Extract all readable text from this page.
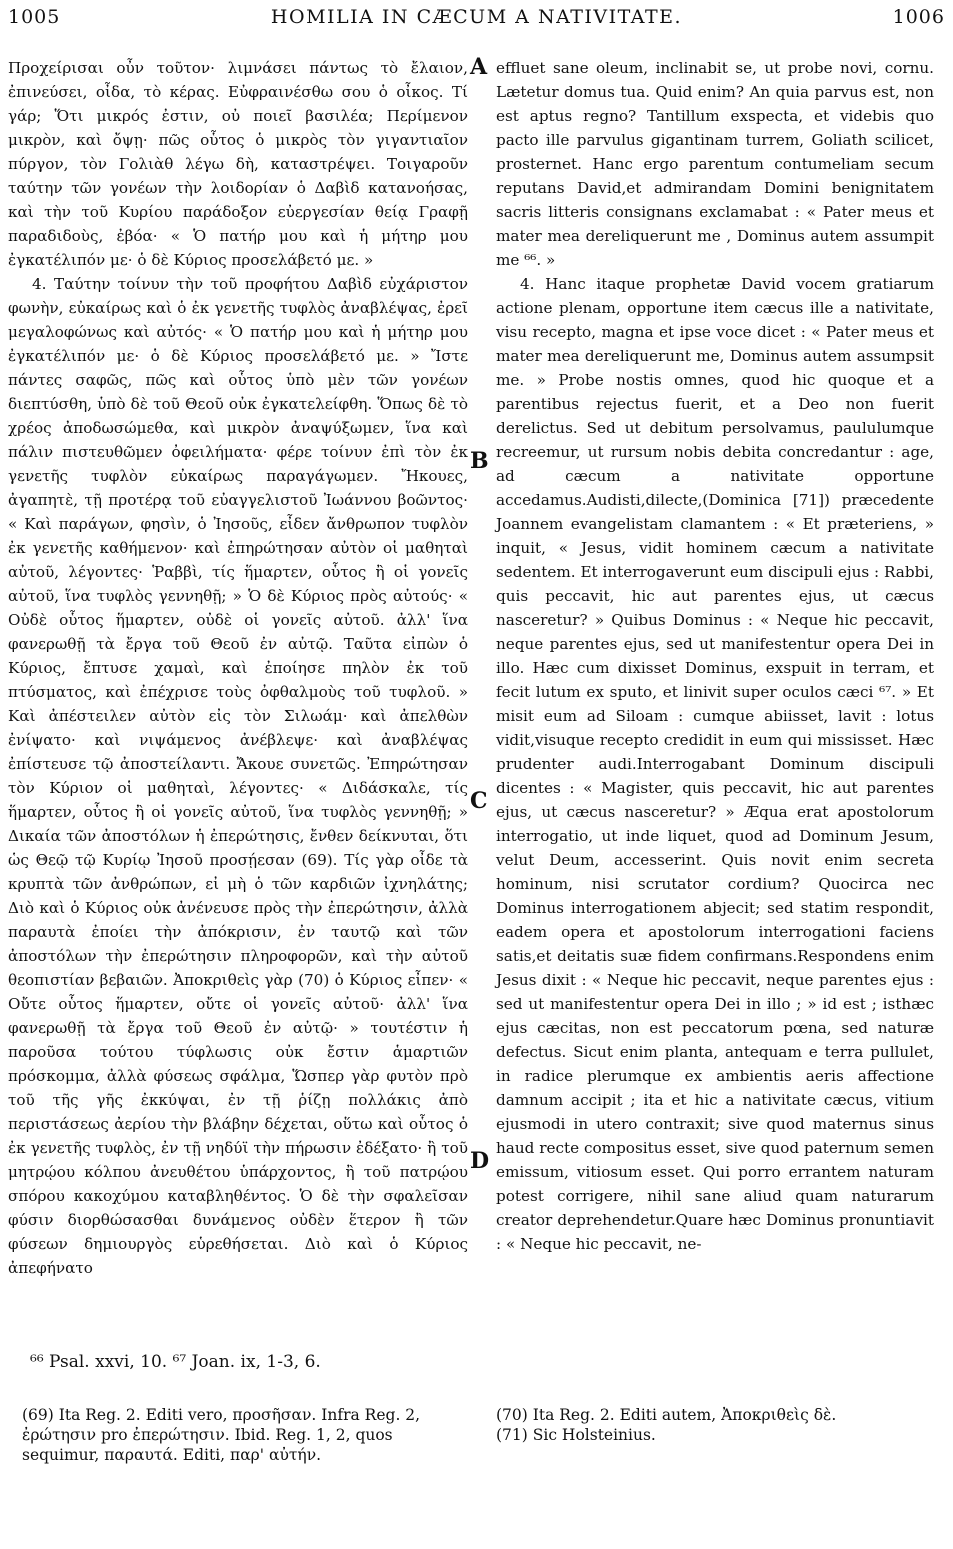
1005	HOMILIA IN CÆCUM A NATIVITATE.	1006

Προχείρισαι οὖν τοῦτον· λιμνάσει πάντως τὸ ἔλαιον, ἐπινεύσει, οἶδα, τὸ κέρας. Εὐφραινέσθω σου ὁ οἶκος. Τί γάρ; Ὅτι μικρός ἐστιν, οὐ ποιεῖ βασιλέα; Περίμενον μικρὸν, καὶ ὄψῃ· πῶς οὗτος ὁ μικρὸς τὸν γιγαντιαῖον πύργον, τὸν Γολιὰθ λέγω δὴ, καταστρέψει. Τοιγαροῦν ταύτην τῶν γονέων τὴν λοιδορίαν ὁ Δαβὶδ κατανοήσας, καὶ τὴν τοῦ Κυρίου παράδοξον εὐεργεσίαν θείᾳ Γραφῇ παραδιδοὺς, ἐβόα· « Ὁ πατήρ μου καὶ ἡ μήτηρ μου ἐγκατέλιπόν με· ὁ δὲ Κύριος προσελάβετό με. »

4. Ταύτην τοίνυν τὴν τοῦ προφήτου Δαβὶδ εὐχάριστον φωνὴν, εὐκαίρως καὶ ὁ ἐκ γενετῆς τυφλὸς ἀναβλέψας, ἐρεῖ μεγαλοφώνως καὶ αὐτός· « Ὁ πατήρ μου καὶ ἡ μήτηρ μου ἐγκατέλιπόν με· ὁ δὲ Κύριος προσελάβετό με. » Ἴστε πάντες σαφῶς, πῶς καὶ οὗτος ὑπὸ μὲν τῶν γονέων διεπτύσθη, ὑπὸ δὲ τοῦ Θεοῦ οὐκ ἐγκατελείφθη. Ὅπως δὲ τὸ χρέος ἀποδωσώμεθα, καὶ μικρὸν ἀναψύξωμεν, ἵνα καὶ πάλιν πιστευθῶμεν ὀφειλήματα· φέρε τοίνυν ἐπὶ τὸν ἐκ γενετῆς τυφλὸν εὐκαίρως παραγάγωμεν. Ἤκουες, ἀγαπητὲ, τῇ προτέρᾳ τοῦ εὐαγγελιστοῦ Ἰωάννου βοῶντος· « Καὶ παράγων, φησὶν, ὁ Ἰησοῦς, εἶδεν ἄνθρωπον τυφλὸν ἐκ γενετῆς καθήμενον· καὶ ἐπηρώτησαν αὐτὸν οἱ μαθηταὶ αὐτοῦ, λέγοντες· Ῥαββὶ, τίς ἥμαρτεν, οὗτος ἢ οἱ γονεῖς αὐτοῦ, ἵνα τυφλὸς γεννηθῇ; » Ὁ δὲ Κύριος πρὸς αὐτούς· « Οὐδὲ οὗτος ἥμαρτεν, οὐδὲ οἱ γονεῖς αὐτοῦ. ἀλλ' ἵνα φανερωθῇ τὰ ἔργα τοῦ Θεοῦ ἐν αὐτῷ. Ταῦτα εἰπὼν ὁ Κύριος, ἔπτυσε χαμαὶ, καὶ ἐποίησε πηλὸν ἐκ τοῦ πτύσματος, καὶ ἐπέχρισε τοὺς ὀφθαλμοὺς τοῦ τυφλοῦ. » Καὶ ἀπέστειλεν αὐτὸν εἰς τὸν Σιλωάμ· καὶ ἀπελθὼν ἐνίψατο· καὶ νιψάμενος ἀνέβλεψε· καὶ ἀναβλέψας ἐπίστευσε τῷ ἀποστείλαντι. Ἄκουε συνετῶς. Ἐπηρώτησαν τὸν Κύριον οἱ μαθηταὶ, λέγοντες· « Διδάσκαλε, τίς ἥμαρτεν, οὗτος ἢ οἱ γονεῖς αὐτοῦ, ἵνα τυφλὸς γεννηθῇ; » Δικαία τῶν ἀποστόλων ἡ ἐπερώτησις, ἔνθεν δείκνυται, ὅτι ὡς Θεῷ τῷ Κυρίῳ Ἰησοῦ προσῄεσαν (69). Τίς γὰρ οἶδε τὰ κρυπτὰ τῶν ἀνθρώπων, εἰ μὴ ὁ τῶν καρδιῶν ἰχνηλάτης; Διὸ καὶ ὁ Κύριος οὐκ ἀνένευσε πρὸς τὴν ἐπερώτησιν, ἀλλὰ παραυτὰ ἐποίει τὴν ἀπόκρισιν, ἐν ταυτῷ καὶ τῶν ἀποστόλων τὴν ἐπερώτησιν πληροφορῶν, καὶ τὴν αὐτοῦ θεοπιστίαν βεβαιῶν. Ἀποκριθεὶς γὰρ (70) ὁ Κύριος εἶπεν· « Οὔτε οὗτος ἥμαρτεν, οὔτε οἱ γονεῖς αὐτοῦ· ἀλλ' ἵνα φανερωθῇ τὰ ἔργα τοῦ Θεοῦ ἐν αὐτῷ· » τουτέστιν ἡ παροῦσα τούτου τύφλωσις οὐκ ἔστιν ἁμαρτιῶν πρόσκομμα, ἀλλὰ φύσεως σφάλμα, Ὥσπερ γὰρ φυτὸν πρὸ τοῦ τῆς γῆς ἐκκύψαι, ἐν τῇ ῥίζῃ πολλάκις ἀπὸ περιστάσεως ἀερίου τὴν βλάβην δέχεται, οὕτω καὶ οὗτος ὁ ἐκ γενετῆς τυφλὸς, ἐν τῇ νηδύϊ τὴν πήρωσιν ἐδέξατο· ἢ τοῦ μητρῴου κόλπου ἀνευθέτου ὑπάρχοντος, ἢ τοῦ πατρῴου σπόρου κακοχύμου καταβληθέντος. Ὁ δὲ τὴν σφαλεῖσαν φύσιν διορθώσασθαι δυνάμενος οὐδὲν ἕτερον ἢ τῶν φύσεων δημιουργὸς εὑρεθήσεται. Διὸ καὶ ὁ Κύριος ἀπεφήνατο

effluet sane oleum, inclinabit se, ut probe novi, cornu. Lætetur domus tua. Quid enim? An quia parvus est, non est aptus regno? Tantillum exspecta, et videbis quo pacto ille parvulus gigantinam turrem, Goliath scilicet, prosternet. Hanc ergo parentum contumeliam secum reputans David,et admirandam Domini benignitatem sacris litteris consignans exclamabat : « Pater meus et mater mea dereliquerunt me , Dominus autem assumpit me ⁶⁶. »

4. Hanc itaque prophetæ David vocem gratiarum actione plenam, opportune item cæcus ille a nativitate, visu recepto, magna et ipse voce dicet : « Pater meus et mater mea dereliquerunt me, Dominus autem assumpsit me. » Probe nostis omnes, quod hic quoque et a parentibus rejectus fuerit, et a Deo non fuerit derelictus. Sed ut debitum persolvamus, paululumque recreemur, ut rursum nobis debita concredantur : age, ad cæcum a nativitate opportune accedamus.Audisti,dilecte,(Dominica [71]) præcedente Joannem evangelistam clamantem : « Et præteriens, » inquit, « Jesus, vidit hominem cæcum a nativitate sedentem. Et interrogaverunt eum discipuli ejus : Rabbi, quis peccavit, hic aut parentes ejus, ut cæcus nasceretur? » Quibus Dominus : « Neque hic peccavit, neque parentes ejus, sed ut manifestentur opera Dei in illo. Hæc cum dixisset Dominus, exspuit in terram, et fecit lutum ex sputo, et linivit super oculos cæci ⁶⁷. » Et misit eum ad Siloam : cumque abiisset, lavit : lotus vidit,visuque recepto credidit in eum qui mississet. Hæc prudenter audi.Interrogabant Dominum discipuli dicentes : « Magister, quis peccavit, hic aut parentes ejus, ut cæcus nasceretur? » Æqua erat apostolorum interrogatio, ut inde liquet, quod ad Dominum Jesum, velut Deum, accesserint. Quis novit enim secreta hominum, nisi scrutator cordium? Quocirca nec Dominus interrogationem abjecit; sed statim respondit, eadem opera et apostolorum interrogationi faciens satis,et deitatis suæ fidem confirmans.Respondens enim Jesus dixit : « Neque hic peccavit, neque parentes ejus : sed ut manifestentur opera Dei in illo ; » id est ; isthæc ejus cæcitas, non est peccatorum pœna, sed naturæ defectus. Sicut enim planta, antequam e terra pullulet, in radice plerumque ex ambientis aeris affectione damnum accipit ; ita et hic a nativitate cæcus, vitium ejusmodi in utero contraxit; sive quod maternus sinus haud recte compositus esset, sive quod paternum semen emissum, vitiosum esset. Qui porro errantem naturam potest corrigere, nihil sane aliud quam naturarum creator deprehendetur.Quare hæc Dominus pronuntiavit : « Neque hic peccavit, ne-

A
B
C
D
⁶⁶ Psal. xxvi, 10. ⁶⁷ Joan. ix, 1-3, 6.
(69) Ita Reg. 2. Editi vero, προσῆσαν. Infra Reg. 2, ἐρώτησιν pro ἐπερώτησιν. Ibid. Reg. 1, 2, quos sequimur, παραυτά. Editi, παρ' αὐτήν.
(70) Ita Reg. 2. Editi autem, Ἀποκριθεὶς δὲ.
(71) Sic Holsteinius.
